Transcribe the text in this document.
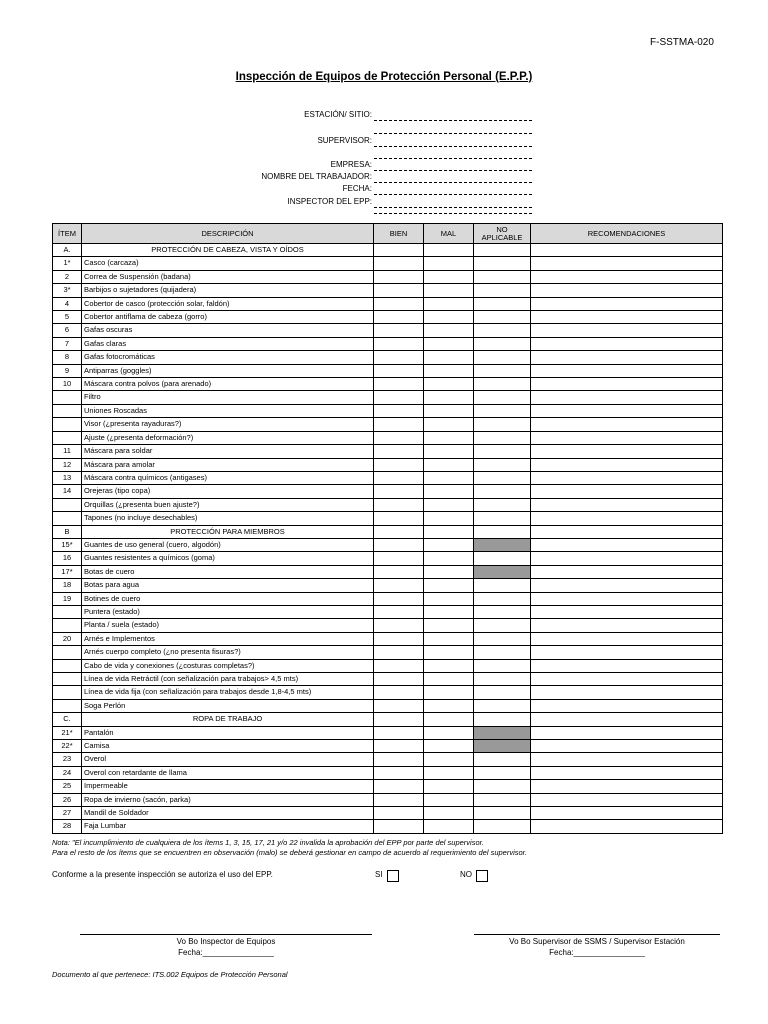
F-SSTMA-020
Inspección de Equipos de Protección Personal (E.P.P.)
ESTACIÓN/ SITIO:
SUPERVISOR:
EMPRESA:
NOMBRE DEL TRABAJADOR:
FECHA:
INSPECTOR DEL EPP:
ÍTEM	DESCRIPCIÓN	BIEN	MAL	NO APLICABLE	RECOMENDACIONES
A.	PROTECCIÓN DE CABEZA, VISTA Y OÍDOS				
1*	Casco (carcaza)				
2	Correa de Suspensión (badana)				
3*	Barbijos o sujetadores (quijadera)				
4	Cobertor de casco (protección solar, faldón)				
5	Cobertor antiflama de cabeza (gorro)				
6	Gafas oscuras				
7	Gafas claras				
8	Gafas fotocromáticas				
9	Antiparras (goggles)				
10	Máscara contra polvos (para arenado)				
	Filtro				
	Uniones Roscadas				
	Visor (¿presenta rayaduras?)				
	Ajuste (¿presenta deformación?)				
11	Máscara para soldar				
12	Máscara para amolar				
13	Máscara contra químicos (antigases)				
14	Orejeras (tipo copa)				
	Orquillas (¿presenta buen ajuste?)				
	Tapones (no incluye desechables)				
B	PROTECCIÓN PARA MIEMBROS				
15*	Guantes de uso general (cuero, algodón)				
16	Guantes resistentes a químicos (goma)				
17*	Botas de cuero				
18	Botas para agua				
19	Botines de cuero				
	Puntera (estado)				
	Planta / suela (estado)				
20	Arnés e Implementos				
	Arnés cuerpo completo (¿no presenta fisuras?)				
	Cabo de vida y conexiones (¿costuras completas?)				
	Línea de vida Retráctil (con señalización para trabajos> 4,5 mts)				
	Línea de vida fija (con señalización para trabajos desde 1,8-4,5 mts)				
	Soga Perlón				
C.	ROPA DE TRABAJO				
21*	Pantalón				
22*	Camisa				
23	Overol				
24	Overol con retardante de llama				
25	Impermeable				
26	Ropa de invierno (sacón, parka)				
27	Mandil de Soldador				
28	Faja Lumbar				
Nota: "El incumplimiento de cualquiera de los ítems 1, 3, 15, 17, 21 y/o 22 invalida la aprobación del EPP por parte del supervisor.
Para el resto de los ítems que se encuentren en observación (malo) se deberá gestionar en campo de acuerdo al requerimiento del supervisor.
Conforme a la presente inspección se autoriza el uso del EPP.	SI	NO
Vo Bo Inspector de Equipos
Fecha:________________
Vo Bo Supervisor de SSMS / Supervisor Estación
Fecha:________________
Documento al que pertenece: ITS.002 Equipos de Protección Personal
